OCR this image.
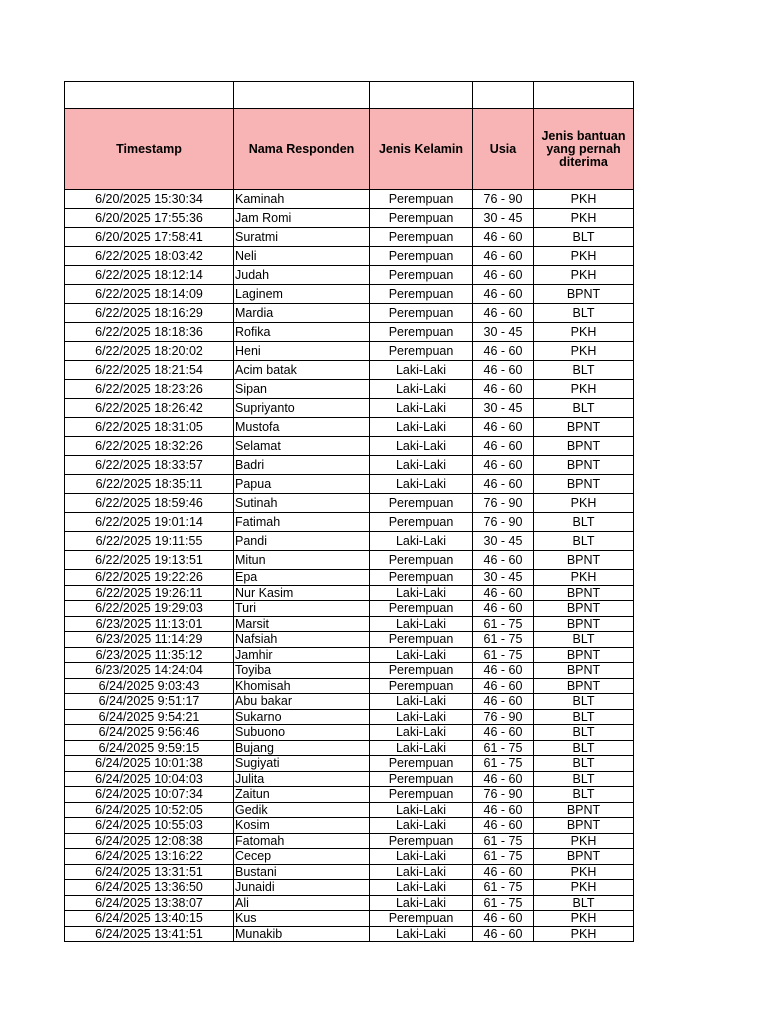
Timestamp	Nama Responden	Jenis Kelamin	Usia	Jenis bantuan yang pernah diterima
6/20/2025 15:30:34	Kaminah	Perempuan	76 - 90	PKH
6/20/2025 17:55:36	Jam Romi	Perempuan	30 - 45	PKH
6/20/2025 17:58:41	Suratmi	Perempuan	46 - 60	BLT
6/22/2025 18:03:42	Neli	Perempuan	46 - 60	PKH
6/22/2025 18:12:14	Judah	Perempuan	46 - 60	PKH
6/22/2025 18:14:09	Laginem	Perempuan	46 - 60	BPNT
6/22/2025 18:16:29	Mardia	Perempuan	46 - 60	BLT
6/22/2025 18:18:36	Rofika	Perempuan	30 - 45	PKH
6/22/2025 18:20:02	Heni	Perempuan	46 - 60	PKH
6/22/2025 18:21:54	Acim batak	Laki-Laki	46 - 60	BLT
6/22/2025 18:23:26	Sipan	Laki-Laki	46 - 60	PKH
6/22/2025 18:26:42	Supriyanto	Laki-Laki	30 - 45	BLT
6/22/2025 18:31:05	Mustofa	Laki-Laki	46 - 60	BPNT
6/22/2025 18:32:26	Selamat	Laki-Laki	46 - 60	BPNT
6/22/2025 18:33:57	Badri	Laki-Laki	46 - 60	BPNT
6/22/2025 18:35:11	Papua	Laki-Laki	46 - 60	BPNT
6/22/2025 18:59:46	Sutinah	Perempuan	76 - 90	PKH
6/22/2025 19:01:14	Fatimah	Perempuan	76 - 90	BLT
6/22/2025 19:11:55	Pandi	Laki-Laki	30 - 45	BLT
6/22/2025 19:13:51	Mitun	Perempuan	46 - 60	BPNT
6/22/2025 19:22:26	Epa	Perempuan	30 - 45	PKH
6/22/2025 19:26:11	Nur Kasim	Laki-Laki	46 - 60	BPNT
6/22/2025 19:29:03	Turi	Perempuan	46 - 60	BPNT
6/23/2025 11:13:01	Marsit	Laki-Laki	61 - 75	BPNT
6/23/2025 11:14:29	Nafsiah	Perempuan	61 - 75	BLT
6/23/2025 11:35:12	Jamhir	Laki-Laki	61 - 75	BPNT
6/23/2025 14:24:04	Toyiba	Perempuan	46 - 60	BPNT
6/24/2025 9:03:43	Khomisah	Perempuan	46 - 60	BPNT
6/24/2025 9:51:17	Abu bakar	Laki-Laki	46 - 60	BLT
6/24/2025 9:54:21	Sukarno	Laki-Laki	76 - 90	BLT
6/24/2025 9:56:46	Subuono	Laki-Laki	46 - 60	BLT
6/24/2025 9:59:15	Bujang	Laki-Laki	61 - 75	BLT
6/24/2025 10:01:38	Sugiyati	Perempuan	61 - 75	BLT
6/24/2025 10:04:03	Julita	Perempuan	46 - 60	BLT
6/24/2025 10:07:34	Zaitun	Perempuan	76 - 90	BLT
6/24/2025 10:52:05	Gedik	Laki-Laki	46 - 60	BPNT
6/24/2025 10:55:03	Kosim	Laki-Laki	46 - 60	BPNT
6/24/2025 12:08:38	Fatomah	Perempuan	61 - 75	PKH
6/24/2025 13:16:22	Cecep	Laki-Laki	61 - 75	BPNT
6/24/2025 13:31:51	Bustani	Laki-Laki	46 - 60	PKH
6/24/2025 13:36:50	Junaidi	Laki-Laki	61 - 75	PKH
6/24/2025 13:38:07	Ali	Laki-Laki	61 - 75	BLT
6/24/2025 13:40:15	Kus	Perempuan	46 - 60	PKH
6/24/2025 13:41:51	Munakib	Laki-Laki	46 - 60	PKH
